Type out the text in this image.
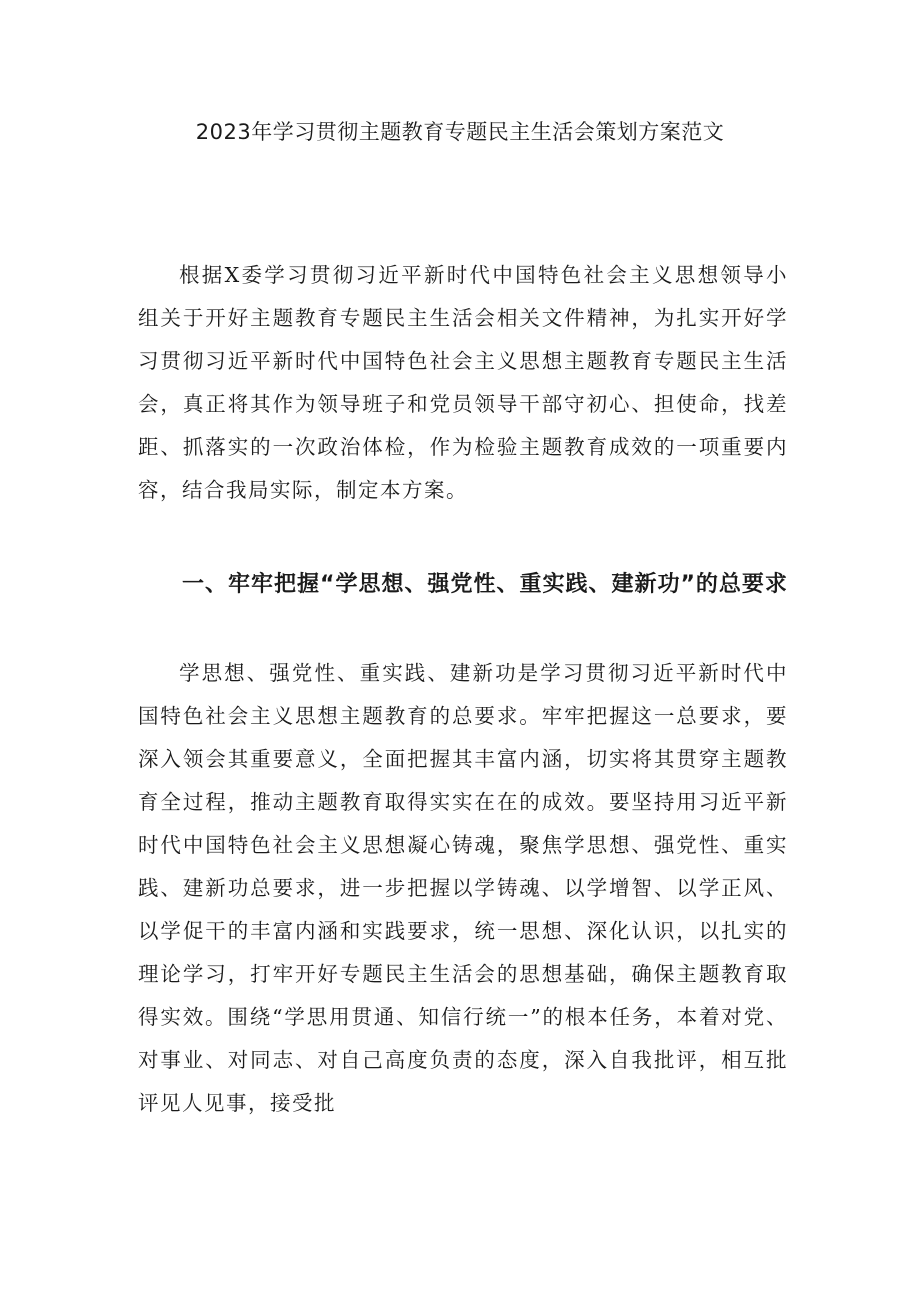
2023年学习贯彻主题教育专题民主生活会策划方案范文

根据X委学习贯彻习近平新时代中国特色社会主义思想领导小组关于开好主题教育专题民主生活会相关文件精神，为扎实开好学习贯彻习近平新时代中国特色社会主义思想主题教育专题民主生活会，真正将其作为领导班子和党员领导干部守初心、担使命，找差距、抓落实的一次政治体检，作为检验主题教育成效的一项重要内容，结合我局实际，制定本方案。

一、牢牢把握“学思想、强党性、重实践、建新功”的总要求

学思想、强党性、重实践、建新功是学习贯彻习近平新时代中国特色社会主义思想主题教育的总要求。牢牢把握这一总要求，要深入领会其重要意义，全面把握其丰富内涵，切实将其贯穿主题教育全过程，推动主题教育取得实实在在的成效。要坚持用习近平新时代中国特色社会主义思想凝心铸魂，聚焦学思想、强党性、重实践、建新功总要求，进一步把握以学铸魂、以学增智、以学正风、以学促干的丰富内涵和实践要求，统一思想、深化认识，以扎实的理论学习，打牢开好专题民主生活会的思想基础，确保主题教育取得实效。围绕“学思用贯通、知信行统一”的根本任务，本着对党、对事业、对同志、对自己高度负责的态度，深入自我批评，相互批评见人见事，接受批
